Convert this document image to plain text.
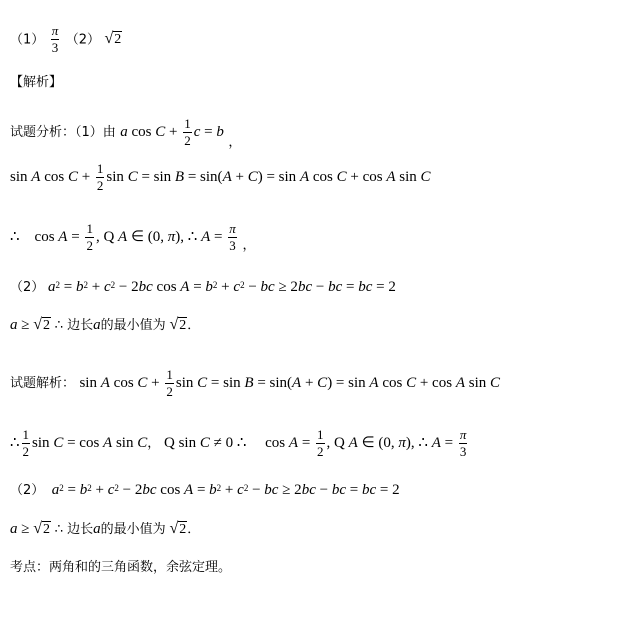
$(1) \frac{\pi}{3} (2)$ √2
【解析】
试题分析：（1）由 a $\cos C + \frac{1}{2}$ c = b ，
sin A $\cos C + \frac{1}{2}$ sin C = sin B = sin(A + C) = sin A cos C + cos A sin C
∴    $\cos A = \frac{1}{2}$ , Q A ∈ (0, π), ∴ $A = \frac{\pi}{3}$ ，
（2） $a^2 = b^2 + c^2 - 2bc$ $\cos A = b^2 + c^2$ − bc ≥ 2bc − bc = bc = 2
a ≥ √2 ∴ 边长a的最小值为 √2．
试题解析： sin A $\cos C + \frac{1}{2}$ sin C = sin B = sin(A + C) = sin A cos C + cos A sin C
∴ $\frac{1}{2}$ sin C = cos A sin C， Q sin C ≠ 0 ∴     $\cos A = \frac{1}{2}$ , Q A ∈ (0, π), ∴ $A = \frac{\pi}{3}$
（2） $a^2 = b^2 + c^2 - 2bc$ $\cos A = b^2 + c^2$ − bc ≥ 2bc − bc = bc = 2
a ≥ √2 ∴ 边长a的最小值为 √2．
考点：两角和的三角函数，余弦定理。
